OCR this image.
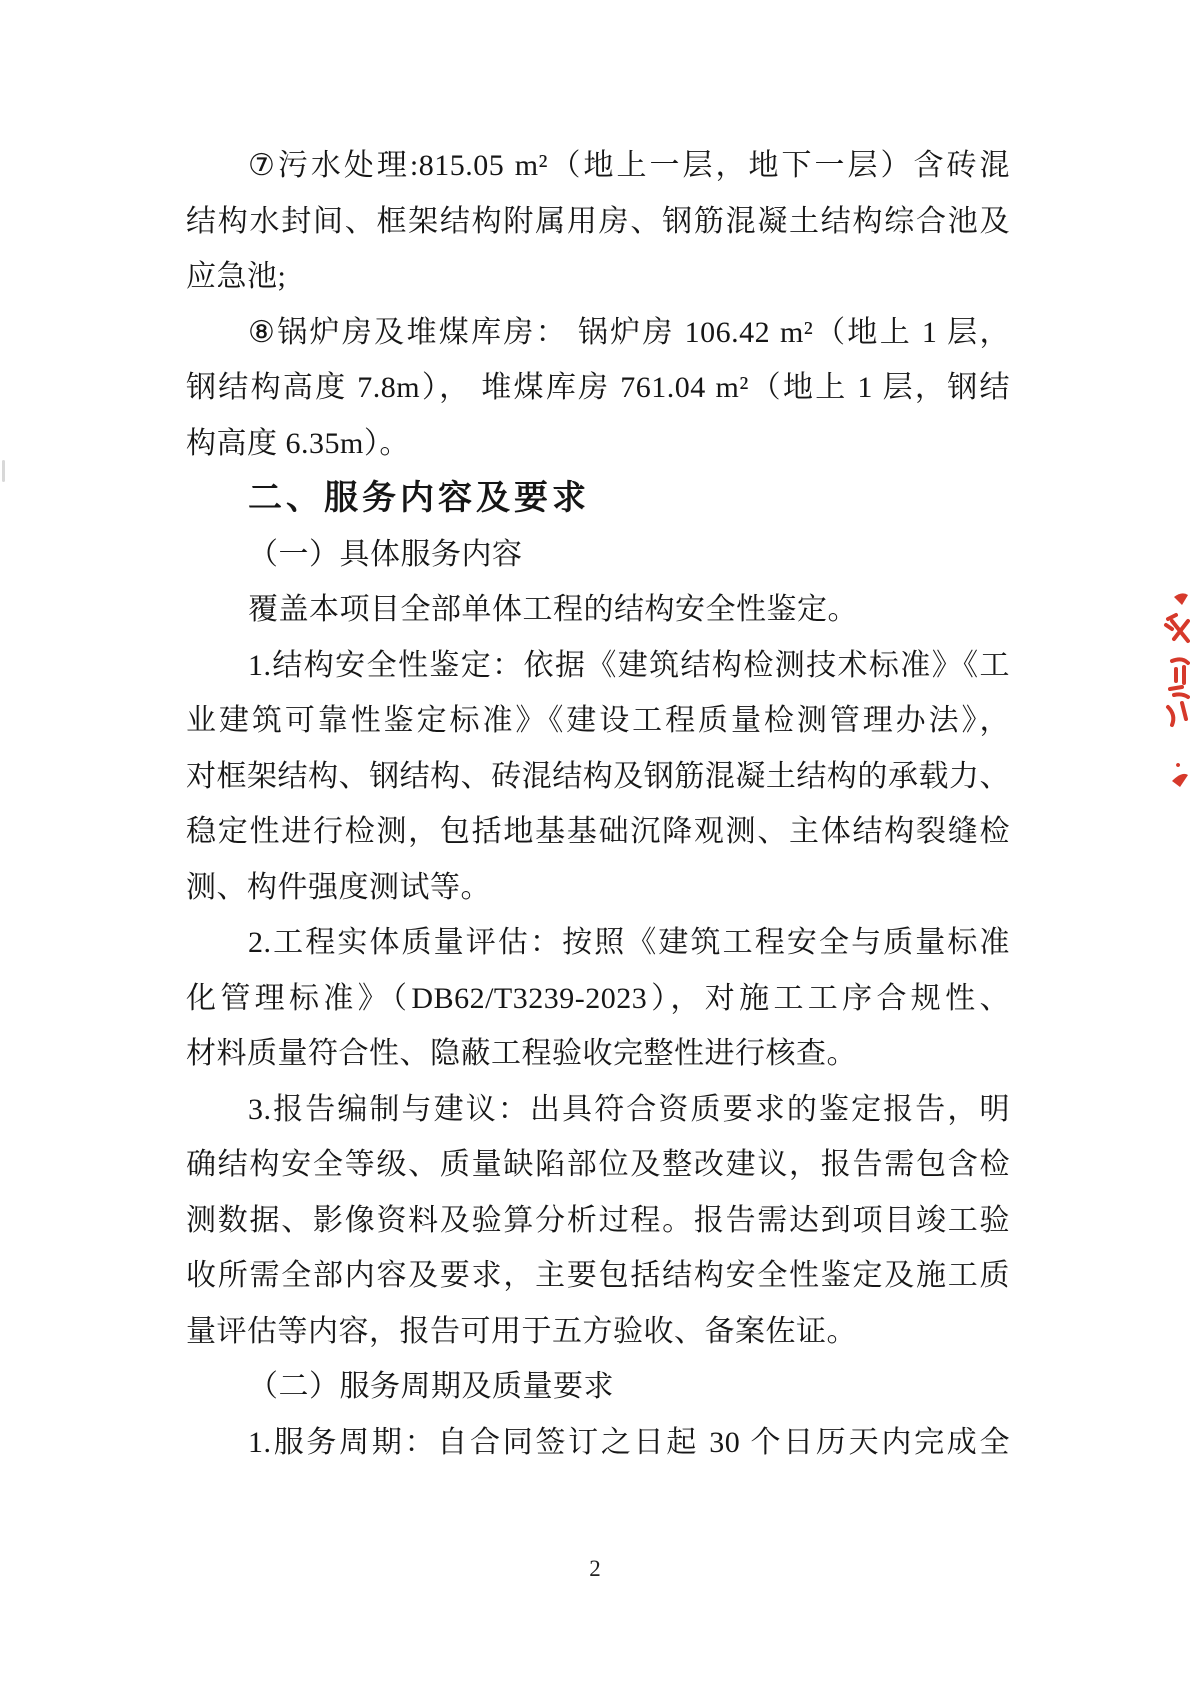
⑦污水处理:815.05 m²（地上一层，地下一层）含砖混
结构水封间、框架结构附属用房、钢筋混凝土结构综合池及
应急池;
⑧锅炉房及堆煤库房： 锅炉房 106.42 m²（地上 1 层，
钢结构高度 7.8m）， 堆煤库房 761.04 m²（地上 1 层，钢结
构高度 6.35m）。
二、服务内容及要求
（一）具体服务内容
覆盖本项目全部单体工程的结构安全性鉴定。
1.结构安全性鉴定：依据《建筑结构检测技术标准》《工
业建筑可靠性鉴定标准》《建设工程质量检测管理办法》，
对框架结构、钢结构、砖混结构及钢筋混凝土结构的承载力、
稳定性进行检测，包括地基基础沉降观测、主体结构裂缝检
测、构件强度测试等。
2.工程实体质量评估：按照《建筑工程安全与质量标准
化管理标准》（DB62/T3239-2023），对施工工序合规性、
材料质量符合性、隐蔽工程验收完整性进行核查。
3.报告编制与建议：出具符合资质要求的鉴定报告，明
确结构安全等级、质量缺陷部位及整改建议，报告需包含检
测数据、影像资料及验算分析过程。报告需达到项目竣工验
收所需全部内容及要求，主要包括结构安全性鉴定及施工质
量评估等内容，报告可用于五方验收、备案佐证。
（二）服务周期及质量要求
1.服务周期：自合同签订之日起 30 个日历天内完成全
2
